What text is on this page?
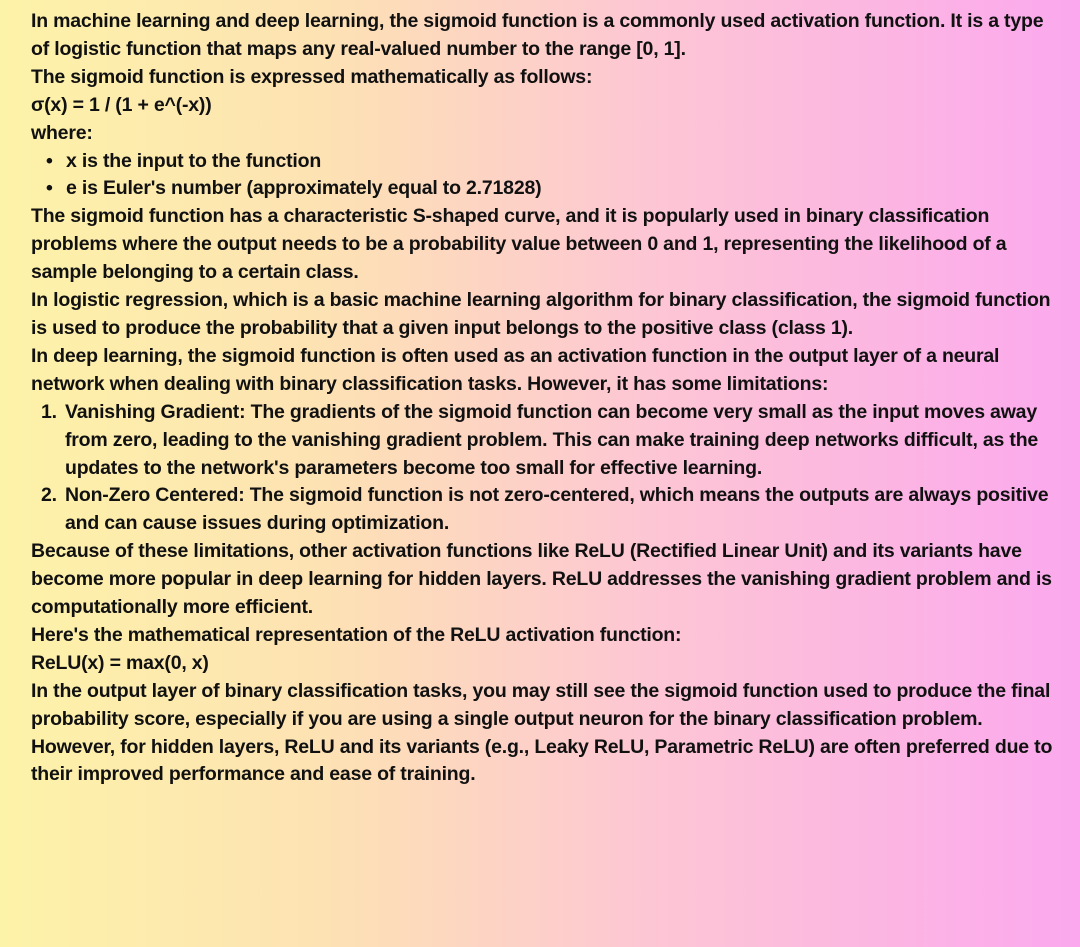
In machine learning and deep learning, the sigmoid function is a commonly used activation function. It is a type of logistic function that maps any real-valued number to the range [0, 1].

The sigmoid function is expressed mathematically as follows:

σ(x) = 1 / (1 + e^(-x))

where:

• x is the input to the function
• e is Euler's number (approximately equal to 2.71828)

The sigmoid function has a characteristic S-shaped curve, and it is popularly used in binary classification problems where the output needs to be a probability value between 0 and 1, representing the likelihood of a sample belonging to a certain class.

In logistic regression, which is a basic machine learning algorithm for binary classification, the sigmoid function is used to produce the probability that a given input belongs to the positive class (class 1).

In deep learning, the sigmoid function is often used as an activation function in the output layer of a neural network when dealing with binary classification tasks. However, it has some limitations:

1. Vanishing Gradient: The gradients of the sigmoid function can become very small as the input moves away from zero, leading to the vanishing gradient problem. This can make training deep networks difficult, as the updates to the network's parameters become too small for effective learning.
2. Non-Zero Centered: The sigmoid function is not zero-centered, which means the outputs are always positive and can cause issues during optimization.

Because of these limitations, other activation functions like ReLU (Rectified Linear Unit) and its variants have become more popular in deep learning for hidden layers. ReLU addresses the vanishing gradient problem and is computationally more efficient.

Here's the mathematical representation of the ReLU activation function:

ReLU(x) = max(0, x)

In the output layer of binary classification tasks, you may still see the sigmoid function used to produce the final probability score, especially if you are using a single output neuron for the binary classification problem. However, for hidden layers, ReLU and its variants (e.g., Leaky ReLU, Parametric ReLU) are often preferred due to their improved performance and ease of training.
